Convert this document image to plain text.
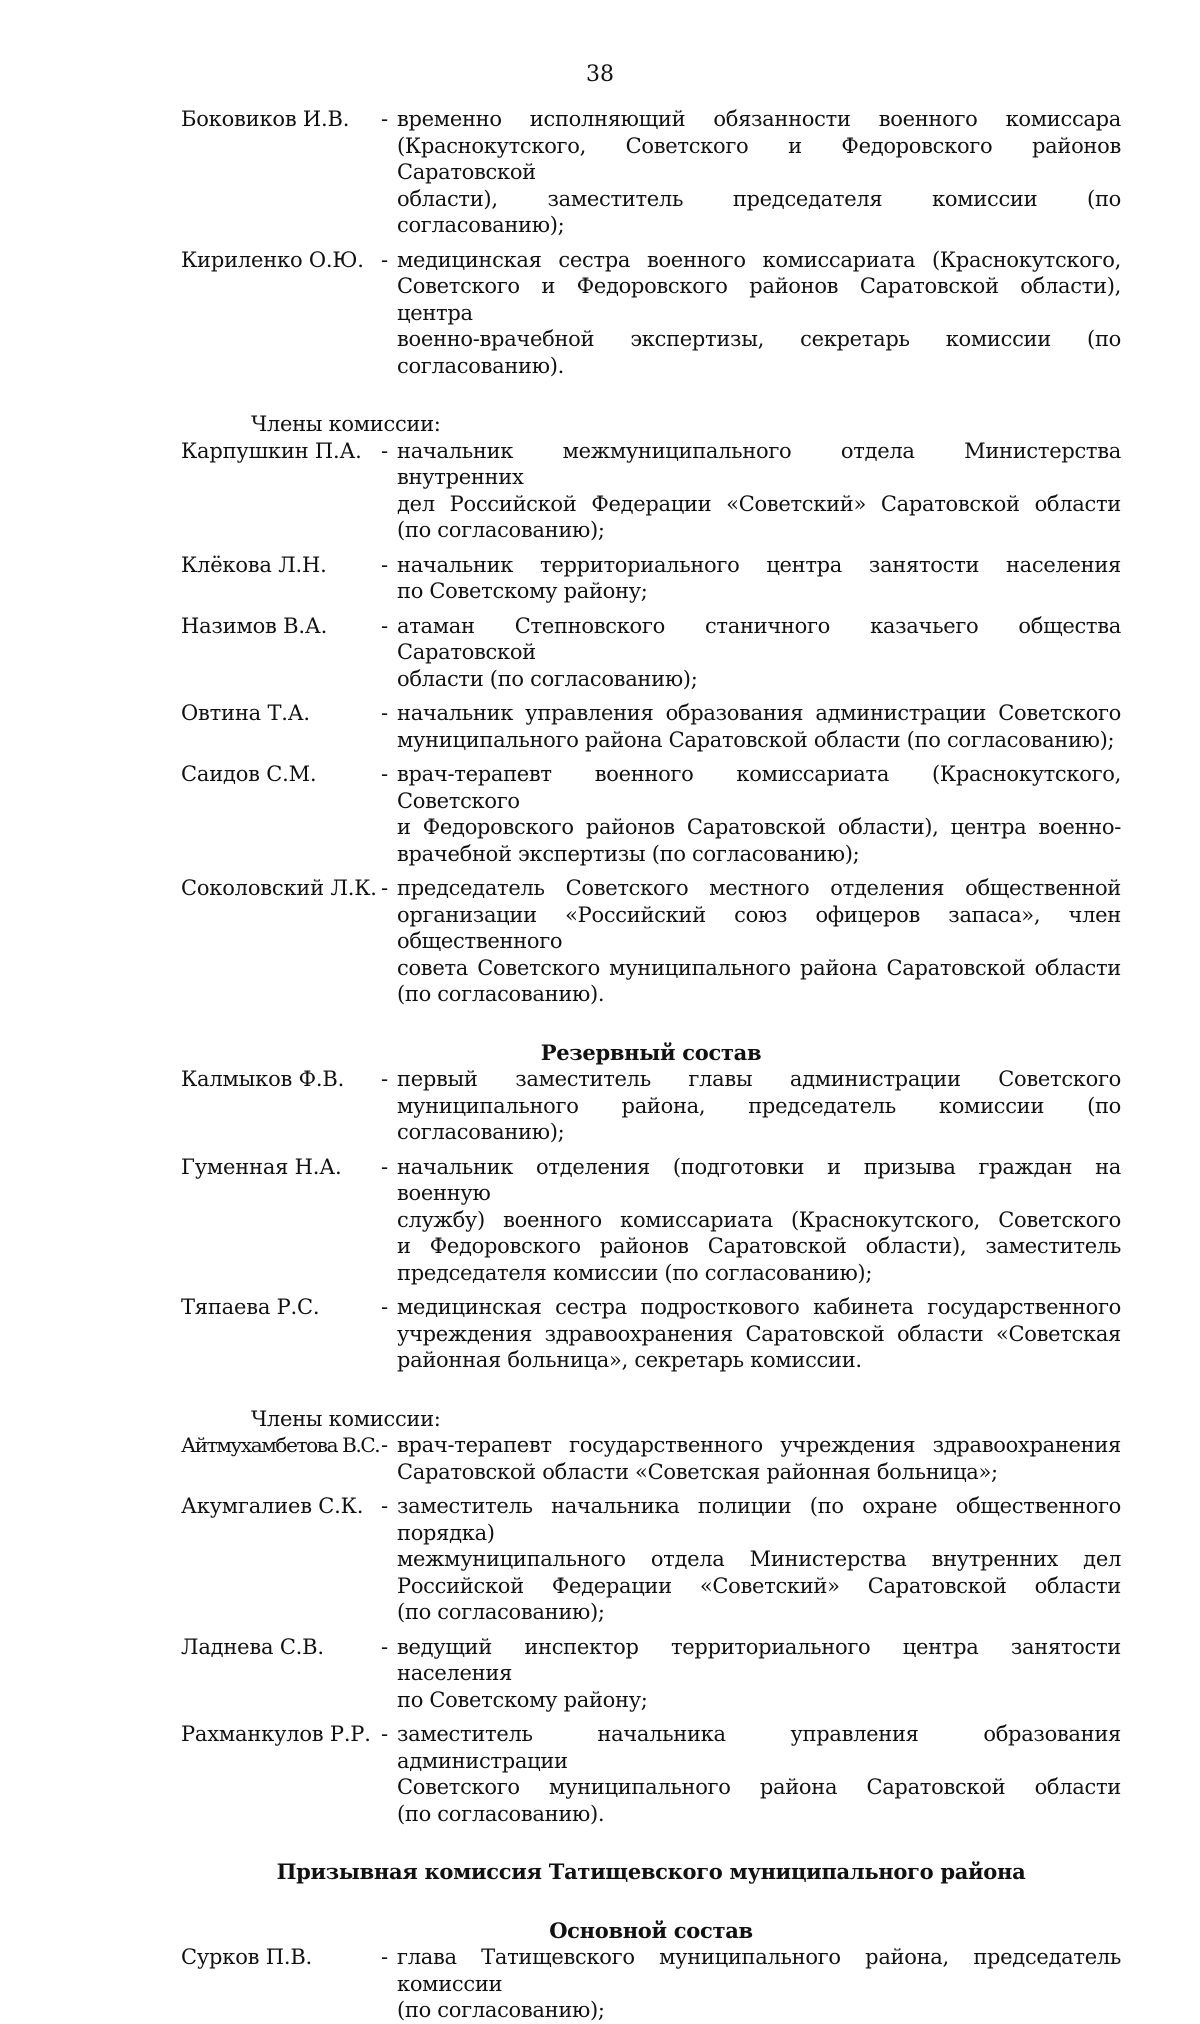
38
Боковиков И.В.	- временно исполняющий обязанности военного комиссара
(Краснокутского, Советского и Федоровского районов Саратовской
области), заместитель председателя комиссии (по согласованию);
Кириленко О.Ю. - медицинская сестра военного комиссариата (Краснокутского,
Советского и Федоровского районов Саратовской области), центра
военно-врачебной экспертизы, секретарь комиссии (по согласованию).
Члены комиссии:
Карпушкин П.А. - начальник межмуниципального отдела Министерства внутренних
дел Российской Федерации «Советский» Саратовской области
(по согласованию);
Клёкова Л.Н.	- начальник территориального центра занятости населения
по Советскому району;
Назимов В.А.	- атаман Степновского станичного казачьего общества Саратовской
области (по согласованию);
Овтина Т.А.	- начальник управления образования администрации Советского
муниципального района Саратовской области (по согласованию);
Саидов С.М.	- врач-терапевт военного комиссариата (Краснокутского, Советского
и Федоровского районов Саратовской области), центра военно-
врачебной экспертизы (по согласованию);
Соколовский Л.К. - председатель Советского местного отделения общественной
организации «Российский союз офицеров запаса», член общественного
совета Советского муниципального района Саратовской области
(по согласованию).
Резервный состав
Калмыков Ф.В.	- первый заместитель главы администрации Советского
муниципального района, председатель комиссии (по согласованию);
Гуменная Н.А.	- начальник отделения (подготовки и призыва граждан на военную
службу) военного комиссариата (Краснокутского, Советского
и Федоровского районов Саратовской области), заместитель
председателя комиссии (по согласованию);
Тяпаева Р.С.	- медицинская сестра подросткового кабинета государственного
учреждения здравоохранения Саратовской области «Советская
районная больница», секретарь комиссии.
Члены комиссии:
Айтмухамбетова В.С. - врач-терапевт государственного учреждения здравоохранения
Саратовской области «Советская районная больница»;
Акумгалиев С.К. - заместитель начальника полиции (по охране общественного порядка)
межмуниципального отдела Министерства внутренних дел
Российской Федерации «Советский» Саратовской области
(по согласованию);
Ладнева С.В.	- ведущий инспектор территориального центра занятости населения
по Советскому району;
Рахманкулов Р.Р. - заместитель начальника управления образования администрации
Советского муниципального района Саратовской области
(по согласованию).
Призывная комиссия Татищевского муниципального района
Основной состав
Сурков П.В.	- глава Татищевского муниципального района, председатель комиссии
(по согласованию);
